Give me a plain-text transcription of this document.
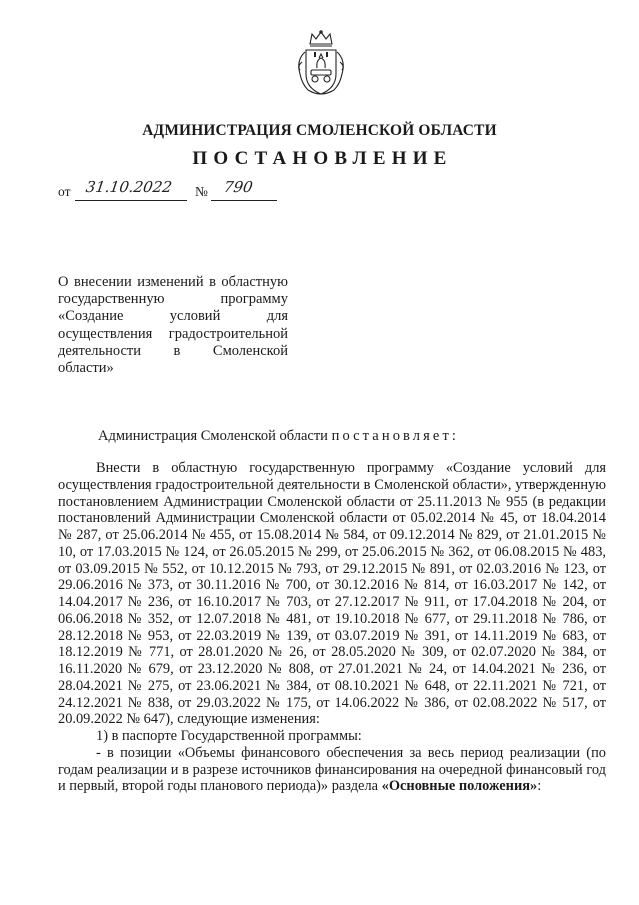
АДМИНИСТРАЦИЯ СМОЛЕНСКОЙ ОБЛАСТИ
ПОСТАНОВЛЕНИЕ
от 31.10.2022 № 790
О внесении изменений в областную государственную программу «Создание условий для осуществления градостроительной деятельности в Смоленской области»
Администрация Смоленской области постановляет:

Внести в областную государственную программу «Создание условий для осуществления градостроительной деятельности в Смоленской области», утвержденную постановлением Администрации Смоленской области от 25.11.2013 № 955 (в редакции постановлений Администрации Смоленской области от 05.02.2014 № 45, от 18.04.2014 № 287, от 25.06.2014 № 455, от 15.08.2014 № 584, от 09.12.2014 № 829, от 21.01.2015 № 10, от 17.03.2015 № 124, от 26.05.2015 № 299, от 25.06.2015 № 362, от 06.08.2015 № 483, от 03.09.2015 № 552, от 10.12.2015 № 793, от 29.12.2015 № 891, от 02.03.2016 № 123, от 29.06.2016 № 373, от 30.11.2016 № 700, от 30.12.2016 № 814, от 16.03.2017 № 142, от 14.04.2017 № 236, от 16.10.2017 № 703, от 27.12.2017 № 911, от 17.04.2018 № 204, от 06.06.2018 № 352, от 12.07.2018 № 481, от 19.10.2018 № 677, от 29.11.2018 № 786, от 28.12.2018 № 953, от 22.03.2019 № 139, от 03.07.2019 № 391, от 14.11.2019 № 683, от 18.12.2019 № 771, от 28.01.2020 № 26, от 28.05.2020 № 309, от 02.07.2020 № 384, от 16.11.2020 № 679, от 23.12.2020 № 808, от 27.01.2021 № 24, от 14.04.2021 № 236, от 28.04.2021 № 275, от 23.06.2021 № 384, от 08.10.2021 № 648, от 22.11.2021 № 721, от 24.12.2021 № 838, от 29.03.2022 № 175, от 14.06.2022 № 386, от 02.08.2022 № 517, от 20.09.2022 № 647), следующие изменения:

1) в паспорте Государственной программы:

- в позиции «Объемы финансового обеспечения за весь период реализации (по годам реализации и в разрезе источников финансирования на очередной финансовый год и первый, второй годы планового периода)» раздела «Основные положения»:
